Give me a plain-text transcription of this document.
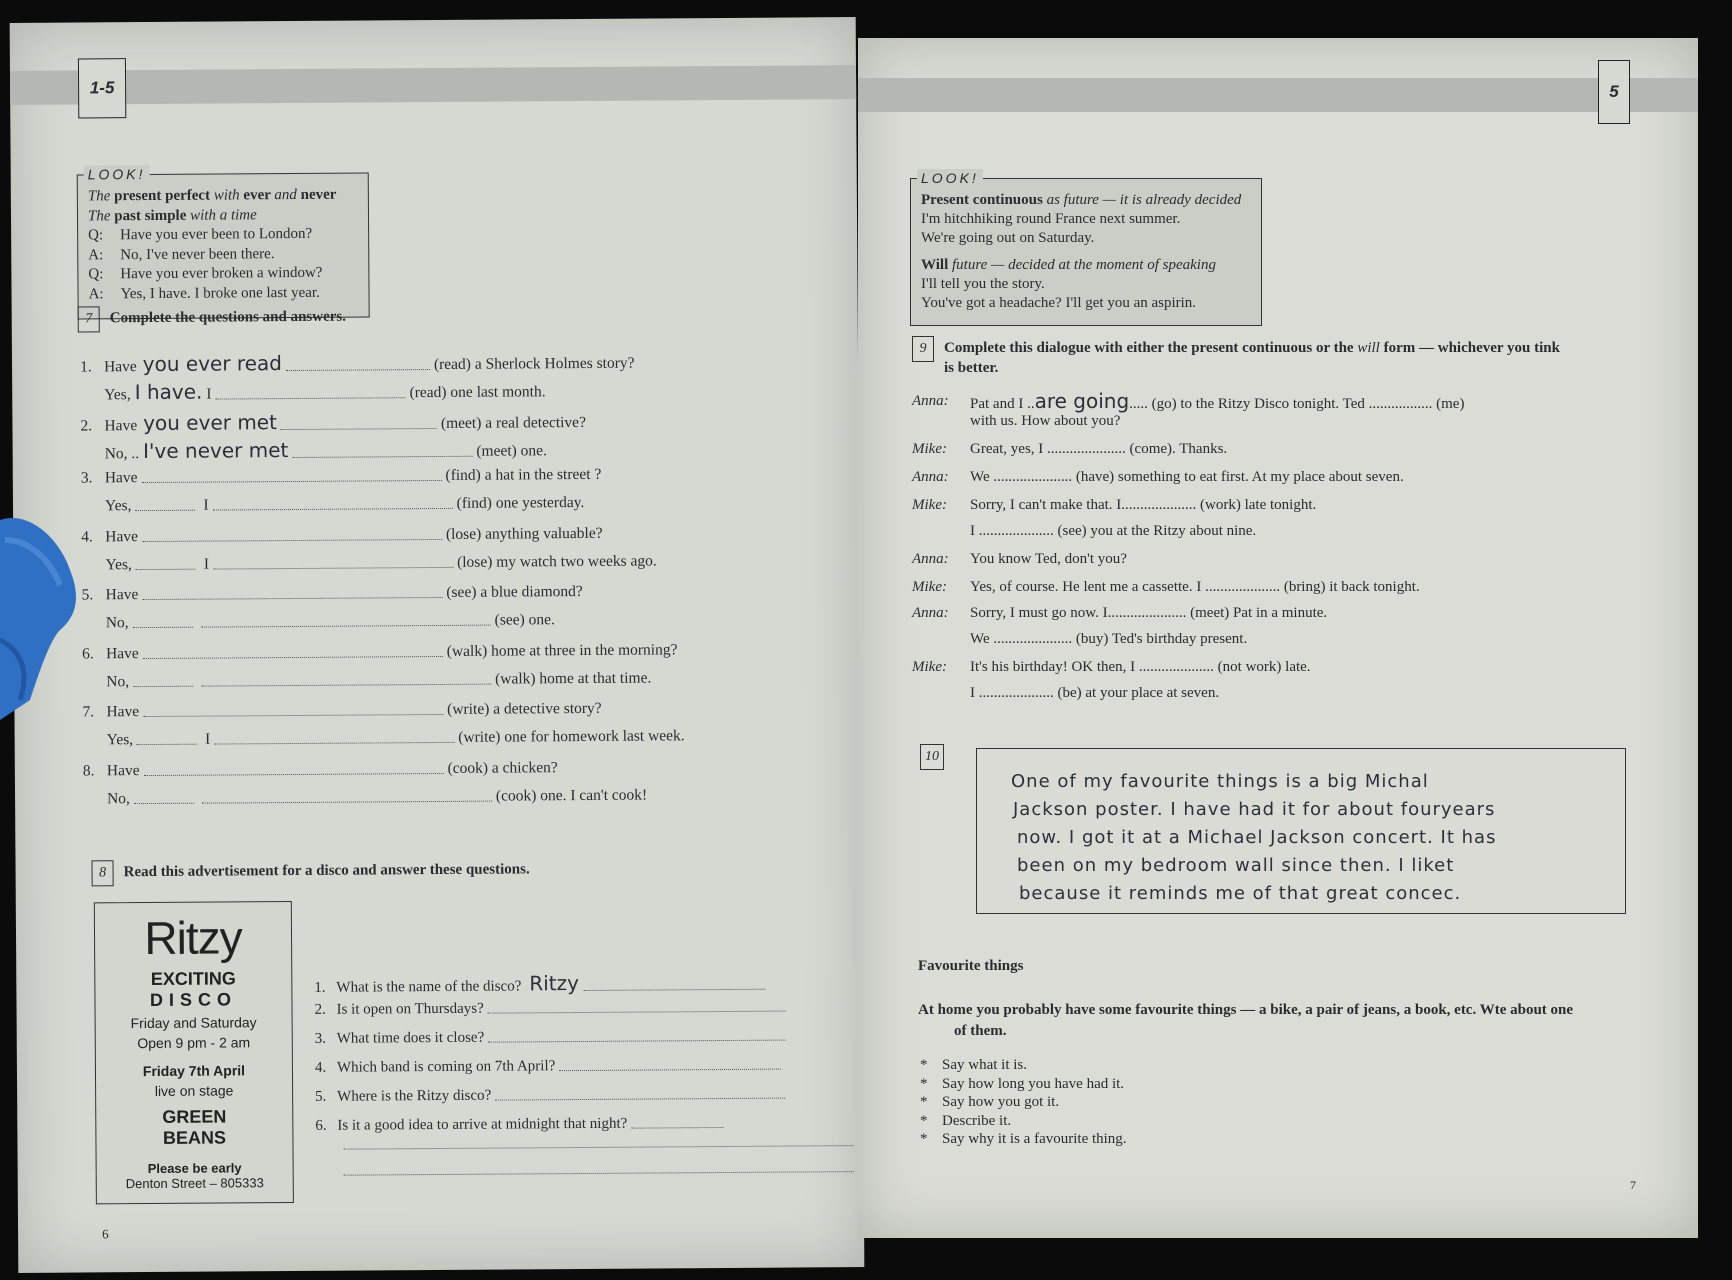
1-5
LOOK!
The present perfect with ever and never
The past simple with a time
Q:	Have you ever been to London?
A:	No, I've never been there.
Q:	Have you ever broken a window?
A:	Yes, I have. I broke one last year.
7	Complete the questions and answers.
8	Read this advertisement for a disco and answer these questions.
Ritzy
EXCITING
DISCO
Friday and Saturday
Open 9 pm - 2 am
Friday 7th April
live on stage
GREEN
BEANS
Please be early
Denton Street – 805333
6
1. Have you ever read	(read) a Sherlock Holmes story?
Yes, I have. I	(read) one last month.
2. Have you ever met	(meet) a real detective?
No, .. I've never met	(meet) one.
3. Have	(find) a hat in the street ?
Yes,	I	(find) one yesterday.
4. Have	(lose) anything valuable?
Yes,	I	(lose) my watch two weeks ago.
5. Have	(see) a blue diamond?
No,	(see) one.
6. Have	(walk) home at three in the morning?
No,	(walk) home at that time.
7. Have	(write) a detective story?
Yes,	I	(write) one for homework last week.
8. Have	(cook) a chicken?
No,	(cook) one. I can't cook!
1. What is the name of the disco? Ritzy
2. Is it open on Thursdays?
3. What time does it close?
4. Which band is coming on 7th April?
5. Where is the Ritzy disco?
6. Is it a good idea to arrive at midnight that night?
5
LOOK!
Present continuous as future — it is already decided
I'm hitchhiking round France next summer.
We're going out on Saturday.
Will future — decided at the moment of speaking
I'll tell you the story.
You've got a headache? I'll get you an aspirin.
9	Complete this dialogue with either the present continuous or the will form — whichever you tink
is better.
Anna: Pat and I ..are going..... (go) to the Ritzy Disco tonight. Ted ................. (me)
with us. How about you?
Mike: Great, yes, I ..................... (come). Thanks.
Anna: We ..................... (have) something to eat first. At my place about seven.
Mike: Sorry, I can't make that. I.................... (work) late tonight.
I .................... (see) you at the Ritzy about nine.
Anna: You know Ted, don't you?
Mike: Yes, of course. He lent me a cassette. I .................... (bring) it back tonight.
Anna: Sorry, I must go now. I..................... (meet) Pat in a minute.
We ..................... (buy) Ted's birthday present.
Mike: It's his birthday! OK then, I .................... (not work) late.
I .................... (be) at your place at seven.
10
One of my favourite things is a big Michal
Jackson poster. I have had it for about fouryears
now. I got it at a Michael Jackson concert. It has
been on my bedroom wall since then. I liket
because it reminds me of that great concec.
Favourite things
At home you probably have some favourite things — a bike, a pair of jeans, a book, etc. Wte about one
of them.
* Say what it is.
* Say how long you have had it.
* Say how you got it.
* Describe it.
* Say why it is a favourite thing.
7
